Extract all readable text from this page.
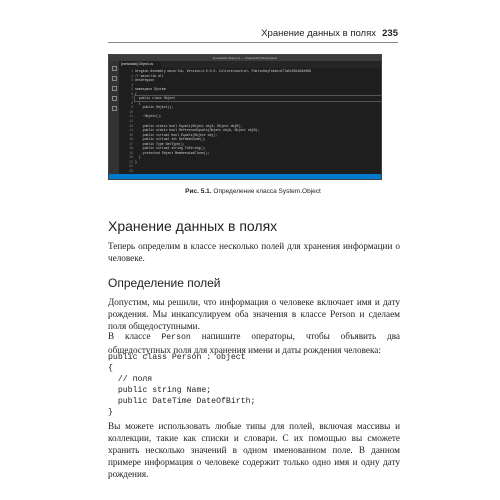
Хранение данных в полях 235
[metadata] Object.cs — ChapterD5 (Workspace)
[metadata] Object.cs
1
2
3
4
5
6
7
8
9
10
11
12
13
14
15
16
17
18
19
20
21
22
23
#region Assembly mscorlib, Version=4.0.0.0, Culture=neutral, PublicKeyToken=b77a5c561934e089
// mscorlib.dll
#endregion
namespace System
{
public class Object
{
public Object();
~Object();
public static bool Equals(Object objA, Object objB);
public static bool ReferenceEquals(Object objA, Object objB);
public virtual bool Equals(Object obj);
public virtual int GetHashCode();
public Type GetType();
public virtual string ToString();
protected Object MemberwiseClone();
}
}
Рис. 5.1. Определение класса System.Object
Хранение данных в полях
Теперь определим в классе несколько полей для хранения информации о человеке.
Определение полей
Допустим, мы решили, что информация о человеке включает имя и дату рождения. Мы инкапсулируем оба значения в классе Person и сделаем поля общедоступными.
В классе Person напишите операторы, чтобы объявить два общедоступных поля для хранения имени и даты рождения человека:
public class Person : object
{
// поля
public string Name;
public DateTime DateOfBirth;
}
Вы можете использовать любые типы для полей, включая массивы и коллекции, такие как списки и словари. С их помощью вы сможете хранить несколько значений в одном именованном поле. В данном примере информация о человеке содержит только одно имя и одну дату рождения.
